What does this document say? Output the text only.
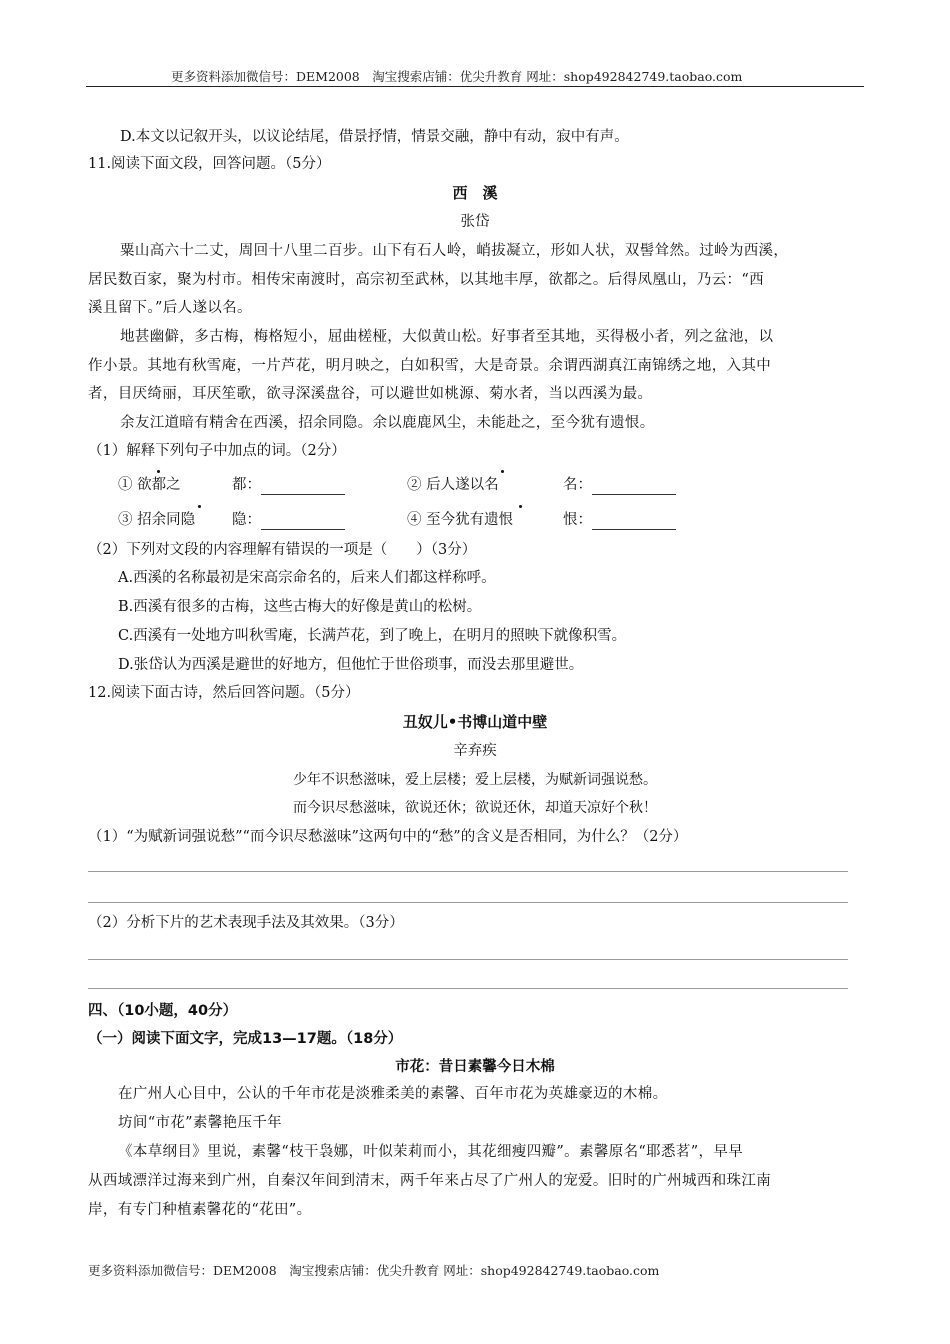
更多资料添加微信号：DEM2008　淘宝搜索店铺：优尖升教育 网址：shop492842749.taobao.com
D.本文以记叙开头，以议论结尾，借景抒情，情景交融，静中有动，寂中有声。
11.阅读下面文段，回答问题。（5分）
西　溪
张岱
粟山高六十二丈，周回十八里二百步。山下有石人岭，峭拔凝立，形如人状，双髻耸然。过岭为西溪，
居民数百家，聚为村市。相传宋南渡时，高宗初至武林，以其地丰厚，欲都之。后得凤凰山，乃云：“西
溪且留下。”后人遂以名。
地甚幽僻，多古梅，梅格短小，屈曲槎桠，大似黄山松。好事者至其地，买得极小者，列之盆池，以
作小景。其地有秋雪庵，一片芦花，明月映之，白如积雪，大是奇景。余谓西湖真江南锦绣之地，入其中
者，目厌绮丽，耳厌笙歌，欲寻深溪盘谷，可以避世如桃源、菊水者，当以西溪为最。
余友江道暗有精舍在西溪，招余同隐。余以鹿鹿风尘，未能赴之，至今犹有遗恨。
（1）解释下列句子中加点的词。（2分）
① 欲都之	都：	② 后人遂以名	名：
③ 招余同隐	隐：	④ 至今犹有遗恨	恨：
（2）下列对文段的内容理解有错误的一项是（　　）（3分）
A.西溪的名称最初是宋高宗命名的，后来人们都这样称呼。
B.西溪有很多的古梅，这些古梅大的好像是黄山的松树。
C.西溪有一处地方叫秋雪庵，长满芦花，到了晚上，在明月的照映下就像积雪。
D.张岱认为西溪是避世的好地方，但他忙于世俗琐事，而没去那里避世。
12.阅读下面古诗，然后回答问题。（5分）
丑奴儿•书博山道中壁
辛弃疾
少年不识愁滋味，爱上层楼；爱上层楼，为赋新词强说愁。
而今识尽愁滋味，欲说还休；欲说还休，却道天凉好个秋！
（1）“为赋新词强说愁”“而今识尽愁滋味”这两句中的“愁”的含义是否相同，为什么？（2分）
（2）分析下片的艺术表现手法及其效果。（3分）
四、（10小题，40分）
（一）阅读下面文字，完成13—17题。（18分）
市花：昔日素馨今日木棉
在广州人心目中，公认的千年市花是淡雅柔美的素馨、百年市花为英雄豪迈的木棉。
坊间“市花”素馨艳压千年
《本草纲目》里说，素馨“枝干袅娜，叶似茉莉而小，其花细瘦四瓣”。素馨原名“耶悉茗”，早早
从西域漂洋过海来到广州，自秦汉年间到清末，两千年来占尽了广州人的宠爱。旧时的广州城西和珠江南
岸，有专门种植素馨花的“花田”。
更多资料添加微信号：DEM2008　淘宝搜索店铺：优尖升教育 网址：shop492842749.taobao.com
